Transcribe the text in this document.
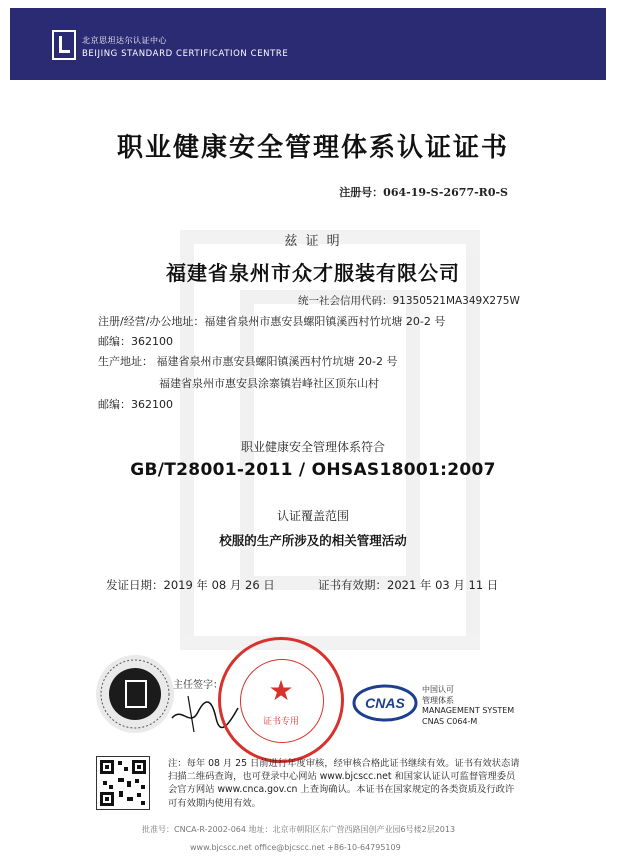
北京思坦达尔认证中心
BEIJING STANDARD CERTIFICATION CENTRE
职业健康安全管理体系认证证书
注册号：064-19-S-2677-R0-S
兹 证 明
福建省泉州市众才服装有限公司
统一社会信用代码：91350521MA349X275W
注册/经营/办公地址：福建省泉州市惠安县螺阳镇溪西村竹坑塘 20-2 号
邮编：362100
生产地址： 福建省泉州市惠安县螺阳镇溪西村竹坑塘 20-2 号
福建省泉州市惠安县涂寨镇岩峰社区顶东山村
邮编：362100
职业健康安全管理体系符合
GB/T28001-2011 / OHSAS18001:2007
认证覆盖范围
校服的生产所涉及的相关管理活动
发证日期：2019 年 08 月 26 日	证书有效期：2021 年 03 月 11 日
主任签字：	★
证书专用
CNAS
中国认可
管理体系
MANAGEMENT SYSTEM
CNAS C064-M
注：每年 08 月 25 日前进行年度审核，经审核合格此证书继续有效。证书有效状态请扫描二维码查询，也可登录中心网站 www.bjcscc.net 和国家认证认可监督管理委员会官方网站 www.cnca.gov.cn 上查询确认。本证书在国家规定的各类资质及行政许可有效期内使用有效。
批准号：CNCA-R-2002-064 地址：北京市朝阳区东广营西路国创产业园6号楼2层2013
www.bjcscc.net office@bjcscc.net +86-10-64795109
